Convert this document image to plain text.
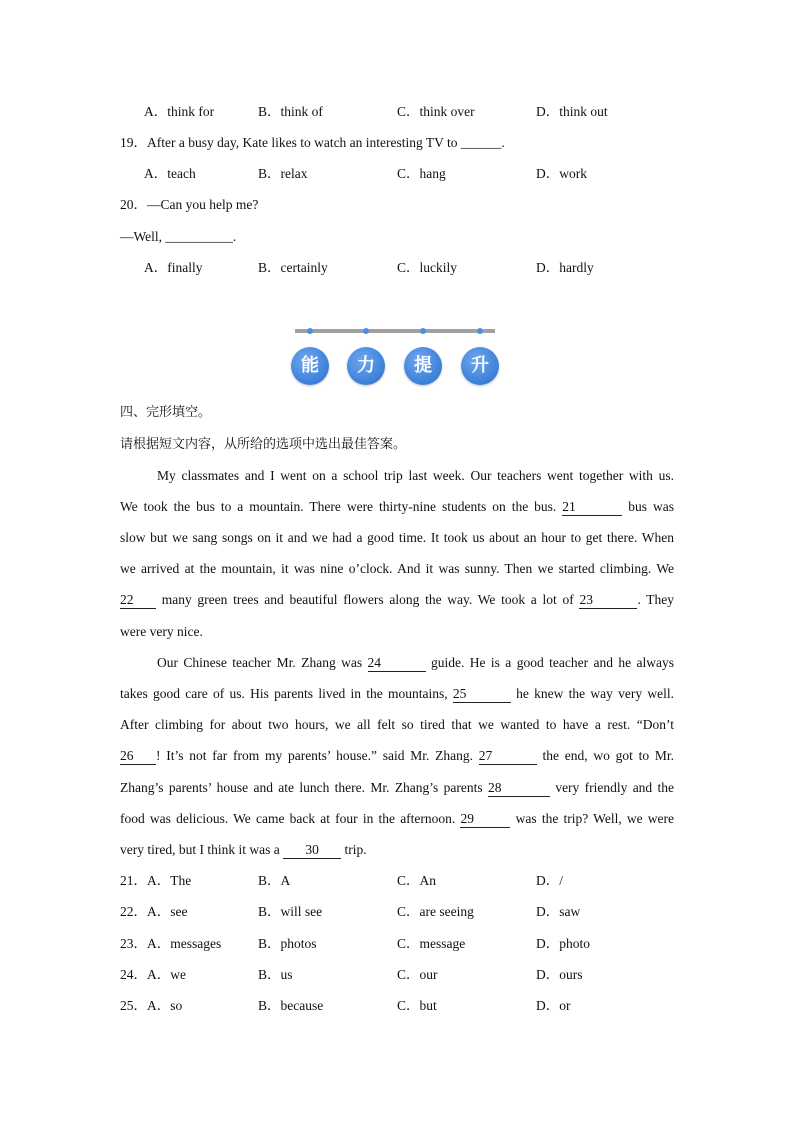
A．think for	B．think of	C．think over	D．think out
19．After a busy day, Kate likes to watch an interesting TV to ______.
A．teach	B．relax	C．hang	D．work
20．—Can you help me?
—Well, __________.
A．finally	B．certainly	C．luckily	D．hardly
能	力	提	升
四、完形填空。
请根据短文内容，从所给的选项中选出最佳答案。
My classmates and I went on a school trip last week. Our teachers went together with us.
We took the bus to a mountain. There were thirty-nine students on the bus. 21	bus was
slow but we sang songs on it and we had a good time. It took us about an hour to get there. When
we arrived at the mountain, it was nine o’clock. And it was sunny. Then we started climbing. We
22 many green trees and beautiful flowers along the way. We took a lot of 23	. They
were very nice.
Our Chinese teacher Mr. Zhang was 24	guide. He is a good teacher and he always
takes good care of us. His parents lived in the mountains, 25	he knew the way very well.
After climbing for about two hours, we all felt so tired that we wanted to have a rest. “Don’t
26 ! It’s not far from my parents’ house.” said Mr. Zhang. 27	the end, wo got to Mr.
Zhang’s parents’ house and ate lunch there. Mr. Zhang’s parents 28	very friendly and the
food was delicious. We came back at four in the afternoon. 29	was the trip? Well, we were
very tired, but I think it was a 30 trip.
21．A．The	B．A	C．An	D．/
22．A．see	B．will see	C．are seeing	D．saw
23．A．messages	B．photos	C．message	D．photo
24．A．we	B．us	C．our	D．ours
25．A．so	B．because	C．but	D．or
